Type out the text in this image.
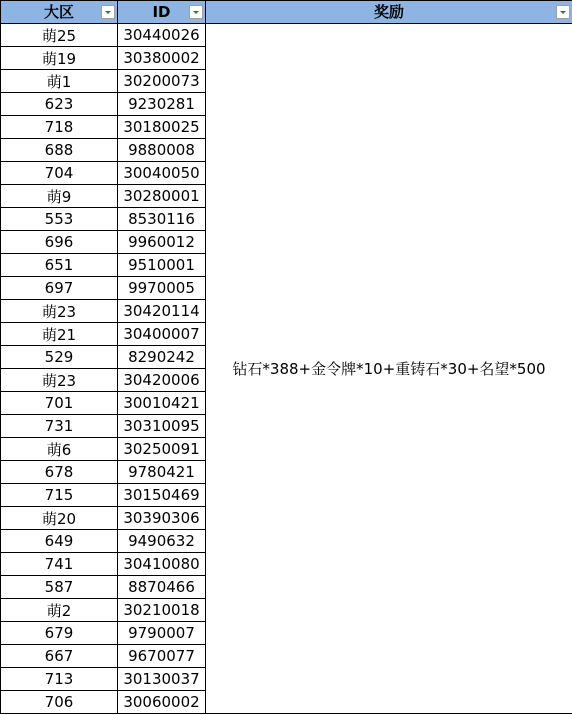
大区	ID	奖励

萌25	30440026	钻石*388+金令牌*10+重铸石*30+名望*500
萌19	30380002	
萌1	30200073	
623	9230281	
718	30180025	
688	9880008	
704	30040050	
萌9	30280001	
553	8530116	
696	9960012	
651	9510001	
697	9970005	
萌23	30420114	
萌21	30400007	
529	8290242	
萌23	30420006	
701	30010421	
731	30310095	
萌6	30250091	
678	9780421	
715	30150469	
萌20	30390306	
649	9490632	
741	30410080	
587	8870466	
萌2	30210018	
679	9790007	
667	9670077	
713	30130037	
706	30060002	
